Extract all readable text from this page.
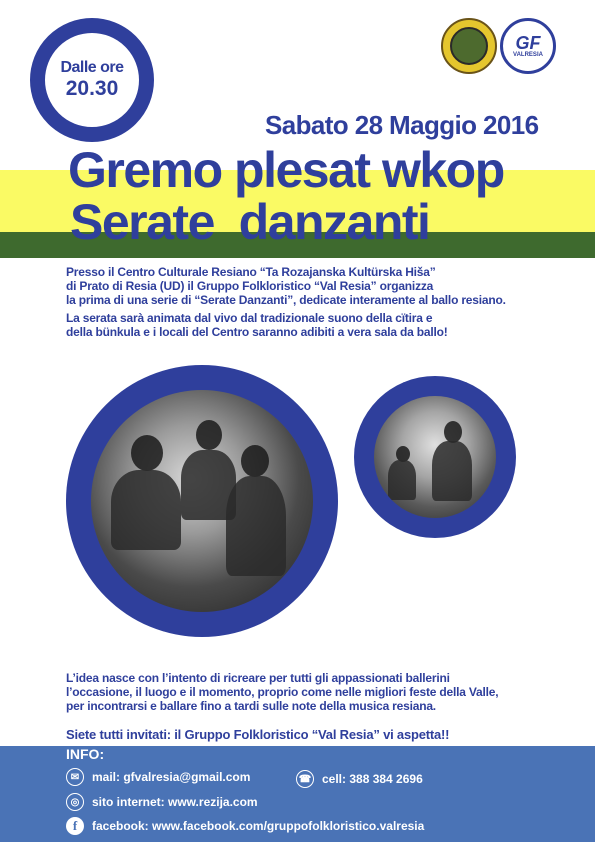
Dalle ore
20.30
GF
VALRESIA
Sabato 28 Maggio 2016
Gremo plesat wkop
Serate  danzanti

Presso il Centro Culturale Resiano “Ta Rozajanska Kultürska Hiša”

di Prato di Resia (UD) il Gruppo Folkloristico “Val Resia” organizza

la prima di una serie di “Serate Danzanti”, dedicate interamente al ballo resiano.

La serata sarà animata dal vivo dal tradizionale suono della cïtira e

della bünkula e i locali del Centro saranno adibiti a vera sala da ballo!

L’idea nasce con l’intento di ricreare per tutti gli appassionati ballerini

l’occasione, il luogo e il momento, proprio come nelle migliori feste della Valle,

per incontrarsi e ballare fino a tardi sulle note della musica resiana.

Siete tutti invitati: il Gruppo Folkloristico “Val Resia” vi aspetta!!
INFO:
✉	mail: gfvalresia@gmail.com	☎ cell: 388 384 2696
◎	sito internet: www.rezija.com
f	facebook: www.facebook.com/gruppofolkloristico.valresia
